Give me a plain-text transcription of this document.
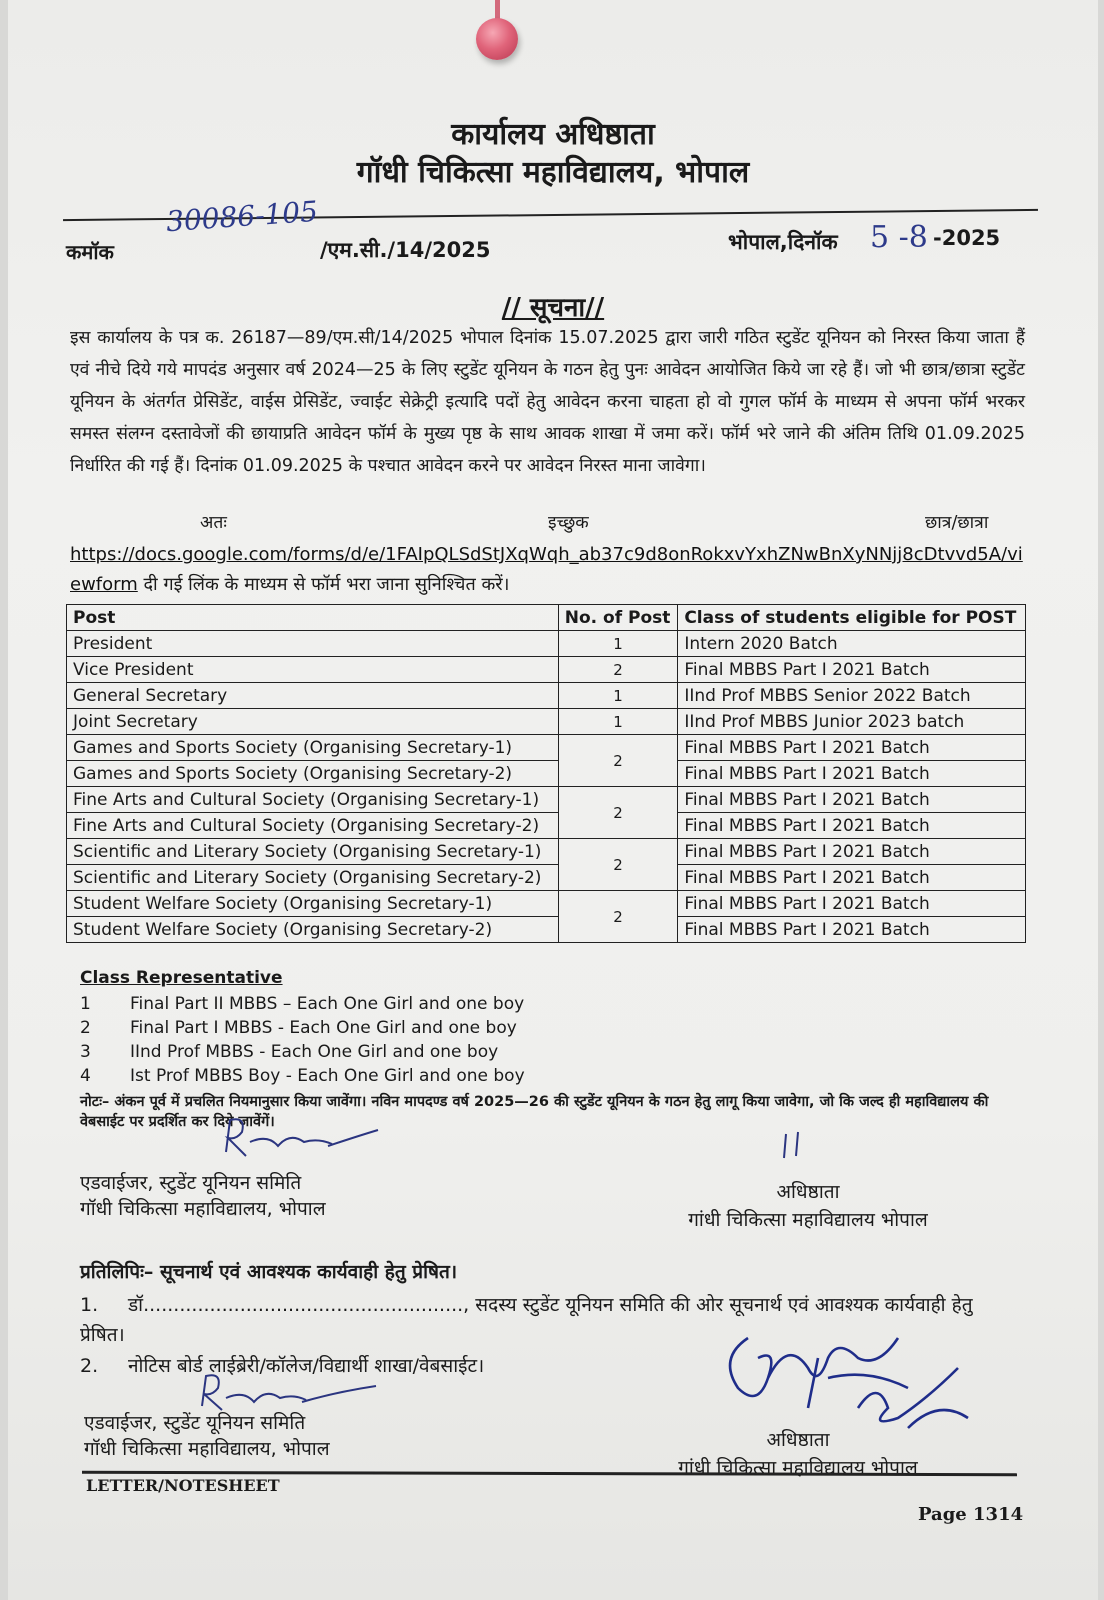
कार्यालय अधिष्ठाता
गॉधी चिकित्सा महाविद्यालय, भोपाल
कमॉक
30086-105
/एम.सी./14/2025	भोपाल,दिनॉक 5 -8 -2025
// सूचना//
इस कार्यालय के पत्र क. 26187—89/एम.सी/14/2025 भोपाल दिनांक 15.07.2025 द्वारा जारी गठित स्टुडेंट यूनियन को निरस्त किया जाता हैं एवं नीचे दिये गये मापदंड अनुसार वर्ष 2024—25 के लिए स्टुडेंट यूनियन के गठन हेतु पुनः आवेदन आयोजित किये जा रहे हैं। जो भी छात्र/छात्रा स्टुडेंट यूनियन के अंतर्गत प्रेसिडेंट, वाईस प्रेसिडेंट, ज्वाईट सेक्रेट्री इत्यादि पदों हेतु आवेदन करना चाहता हो वो गुगल फॉर्म के माध्यम से अपना फॉर्म भरकर समस्त संलग्न दस्तावेजों की छायाप्रति आवेदन फॉर्म के मुख्य पृष्ठ के साथ आवक शाखा में जमा करें। फॉर्म भरे जाने की अंतिम तिथि 01.09.2025 निर्धारित की गई हैं। दिनांक 01.09.2025 के पश्चात आवेदन करने पर आवेदन निरस्त माना जावेगा।
अतः	इच्छुक	छात्र/छात्रा
https://docs.google.com/forms/d/e/1FAIpQLSdStJXqWqh_ab37c9d8onRokxvYxhZNwBnXyNNjj8cDtvvd5A/viewform दी गई लिंक के माध्यम से फॉर्म भरा जाना सुनिश्चित करें।
Post	No. of Post	Class of students eligible for POST
President	1	Intern 2020 Batch
Vice President	2	Final MBBS Part I 2021 Batch
General Secretary	1	IInd Prof MBBS Senior 2022 Batch
Joint Secretary	1	IInd Prof MBBS Junior 2023 batch
Games and Sports Society (Organising Secretary-1)	2	Final MBBS Part I 2021 Batch
Games and Sports Society (Organising Secretary-2)		Final MBBS Part I 2021 Batch
Fine Arts and Cultural Society (Organising Secretary-1)	2	Final MBBS Part I 2021 Batch
Fine Arts and Cultural Society (Organising Secretary-2)		Final MBBS Part I 2021 Batch
Scientific and Literary Society (Organising Secretary-1)	2	Final MBBS Part I 2021 Batch
Scientific and Literary Society (Organising Secretary-2)		Final MBBS Part I 2021 Batch
Student Welfare Society (Organising Secretary-1)	2	Final MBBS Part I 2021 Batch
Student Welfare Society (Organising Secretary-2)		Final MBBS Part I 2021 Batch
Class Representative
1 Final Part II MBBS – Each One Girl and one boy
2 Final Part I MBBS - Each One Girl and one boy
3 IInd Prof MBBS - Each One Girl and one boy
4 Ist Prof MBBS Boy - Each One Girl and one boy
नोटः– अंकन पूर्व में प्रचलित नियमानुसार किया जावेंगा। नविन मापदण्ड वर्ष 2025—26 की स्टुडेंट यूनियन के गठन हेतु लागू किया जावेगा, जो कि जल्द ही महाविद्यालय की वेबसाईट पर प्रदर्शित कर दिये जावेंगें।
एडवाईजर, स्टुडेंट यूनियन समिति
गॉधी चिकित्सा महाविद्यालय, भोपाल
अधिष्ठाता
गांधी चिकित्सा महाविद्यालय भोपाल
प्रतिलिपिः– सूचनार्थ एवं आवश्यक कार्यवाही हेतु प्रेषित।
1. डॉ....................................................., सदस्य स्टुडेंट यूनियन समिति की ओर सूचनार्थ एवं आवश्यक कार्यवाही हेतु प्रेषित।
2. नोटिस बोर्ड लाईब्रेरी/कॉलेज/विद्यार्थी शाखा/वेबसाईट।
एडवाईजर, स्टुडेंट यूनियन समिति
गॉधी चिकित्सा महाविद्यालय, भोपाल	अधिष्ठाता
गांधी चिकित्सा महाविद्यालय भोपाल
LETTER/NOTESHEET
Page 1314
